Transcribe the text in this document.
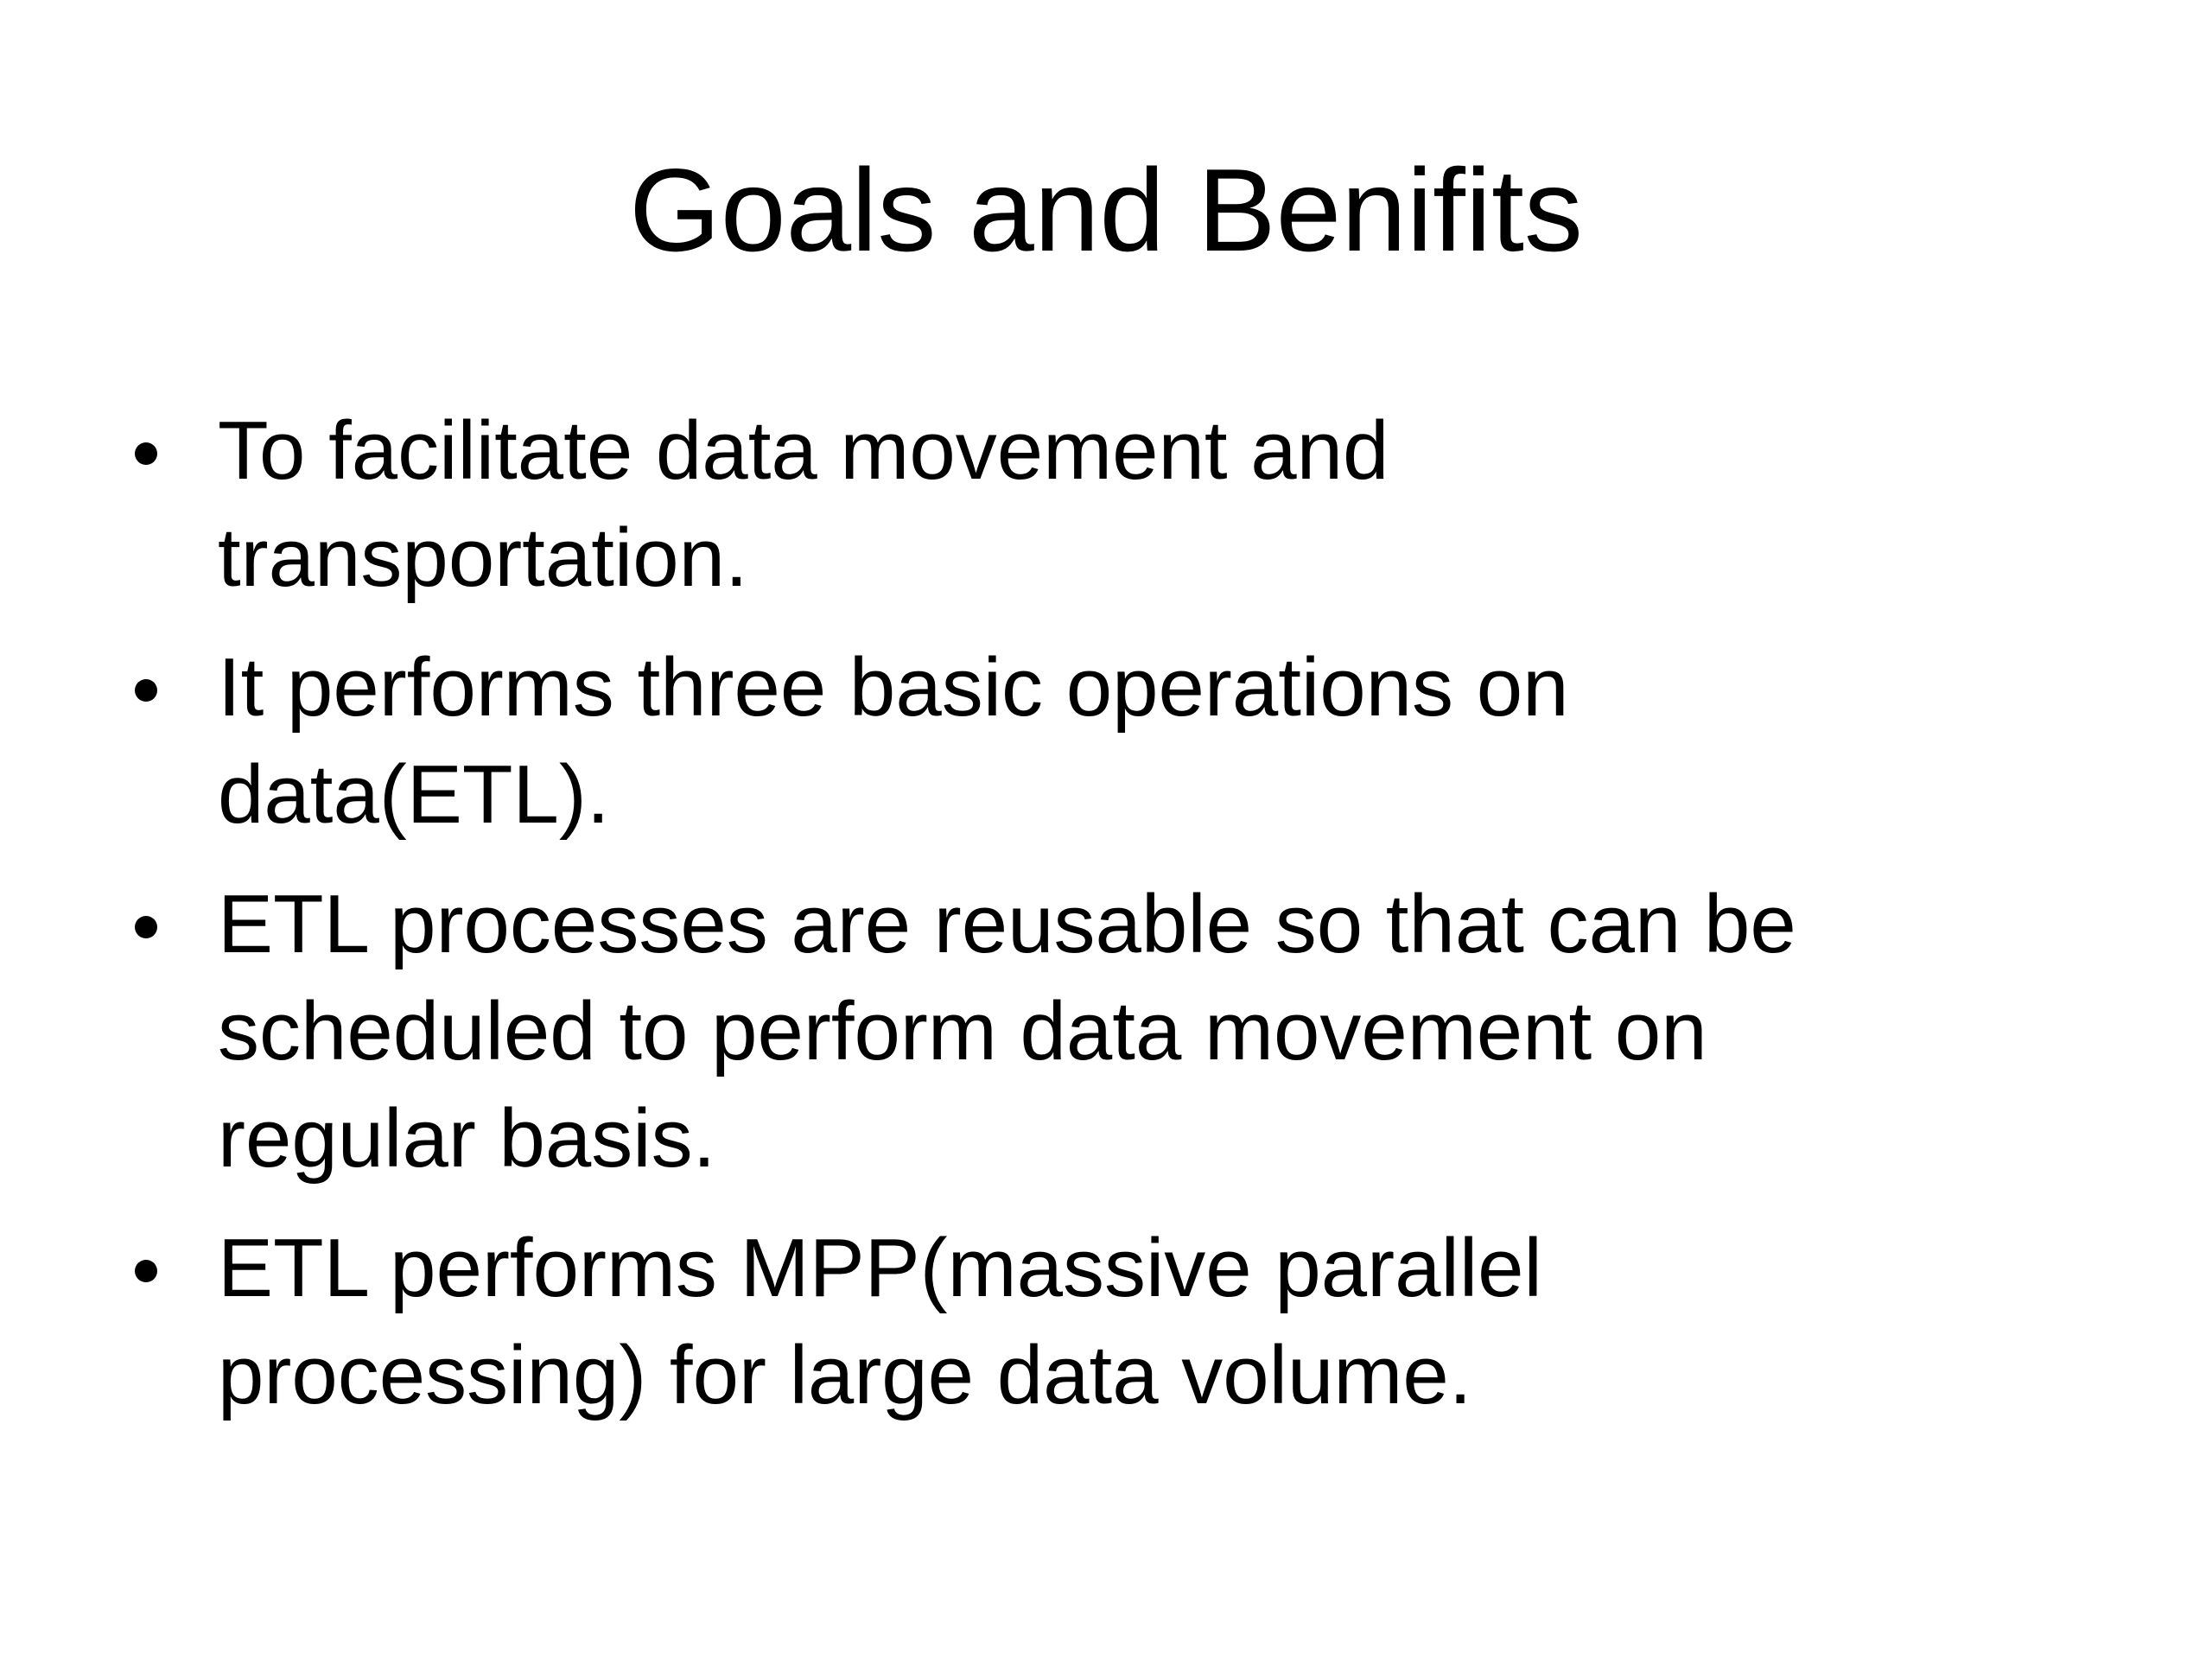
Goals and Benifits
To facilitate data movement and
transportation.
It performs three basic operations on
data(ETL).
ETL processes are reusable so that can be
scheduled to perform data movement on
regular basis.
ETL performs MPP(massive parallel
processing) for large data volume.
